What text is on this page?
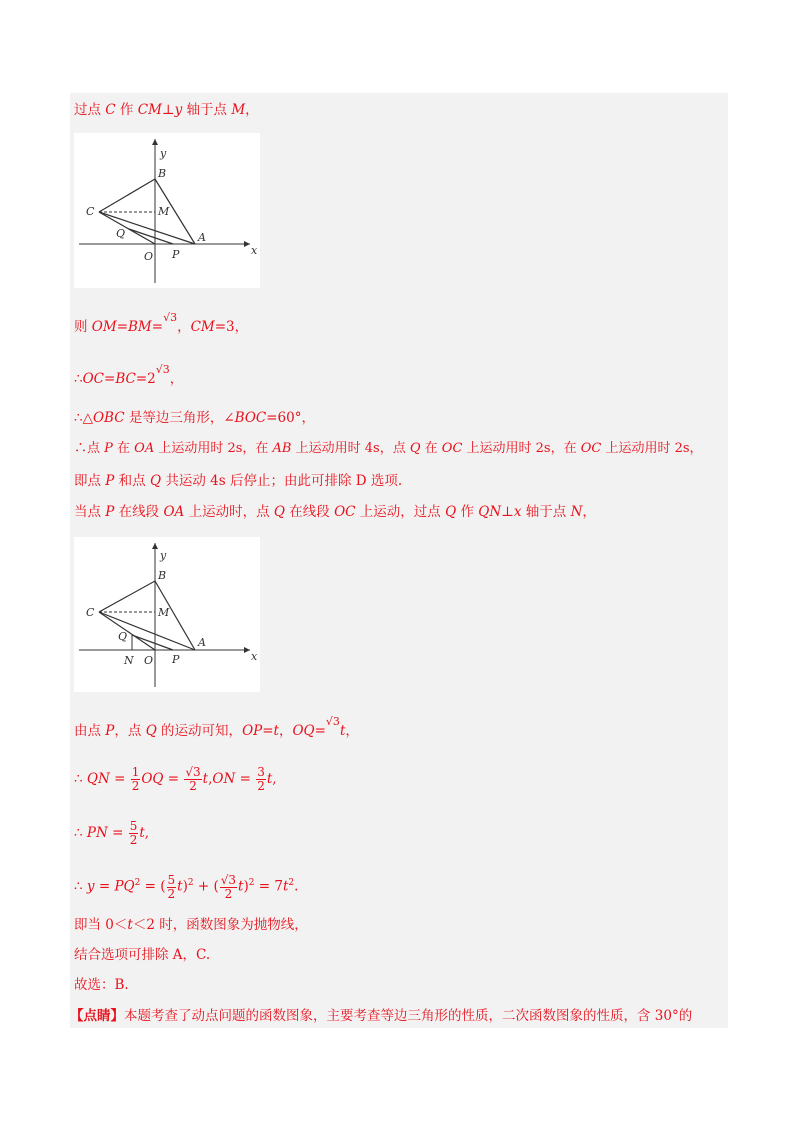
过点 C 作 CM⊥y 轴于点 M，
y
x
B
C	M
Q	A
O P
则 OM=BM=$^{√3}$，CM=3，
$\therefore OC=BC=2^{√3}$，
∴△OBC 是等边三角形，∠BOC=60°，
∴点 P 在 OA 上运动用时 2s，在 AB 上运动用时 4s，点 Q 在 OC 上运动用时 2s，在 OC 上运动用时 2s，
即点 P 和点 Q 共运动 4s 后停止；由此可排除 D 选项.
当点 P 在线段 OA 上运动时，点 Q 在线段 OC 上运动，过点 Q 作 QN⊥x 轴于点 N，
y
x
B
C	M
Q
N
A
O P
由点 P，点 Q 的运动可知，OP=t，OQ=$^{√3}$t，
∴ QN = $\frac{1}{2}$ OQ = $\frac{√3}{2} t,ON = \frac{3}{2} t$,
∴ PN = $\frac{5}{2} t$,
∴ $y = PQ^2$ = ( $\frac{5}{2} t)^2$ + ( $\frac{√3}{2} t)^2 = 7t^2$.
即当 0＜t＜2 时，函数图象为抛物线，
结合选项可排除 A，C.
故选：B.
【点睛】本题考查了动点问题的函数图象，主要考查等边三角形的性质，二次函数图象的性质，含 30°的
